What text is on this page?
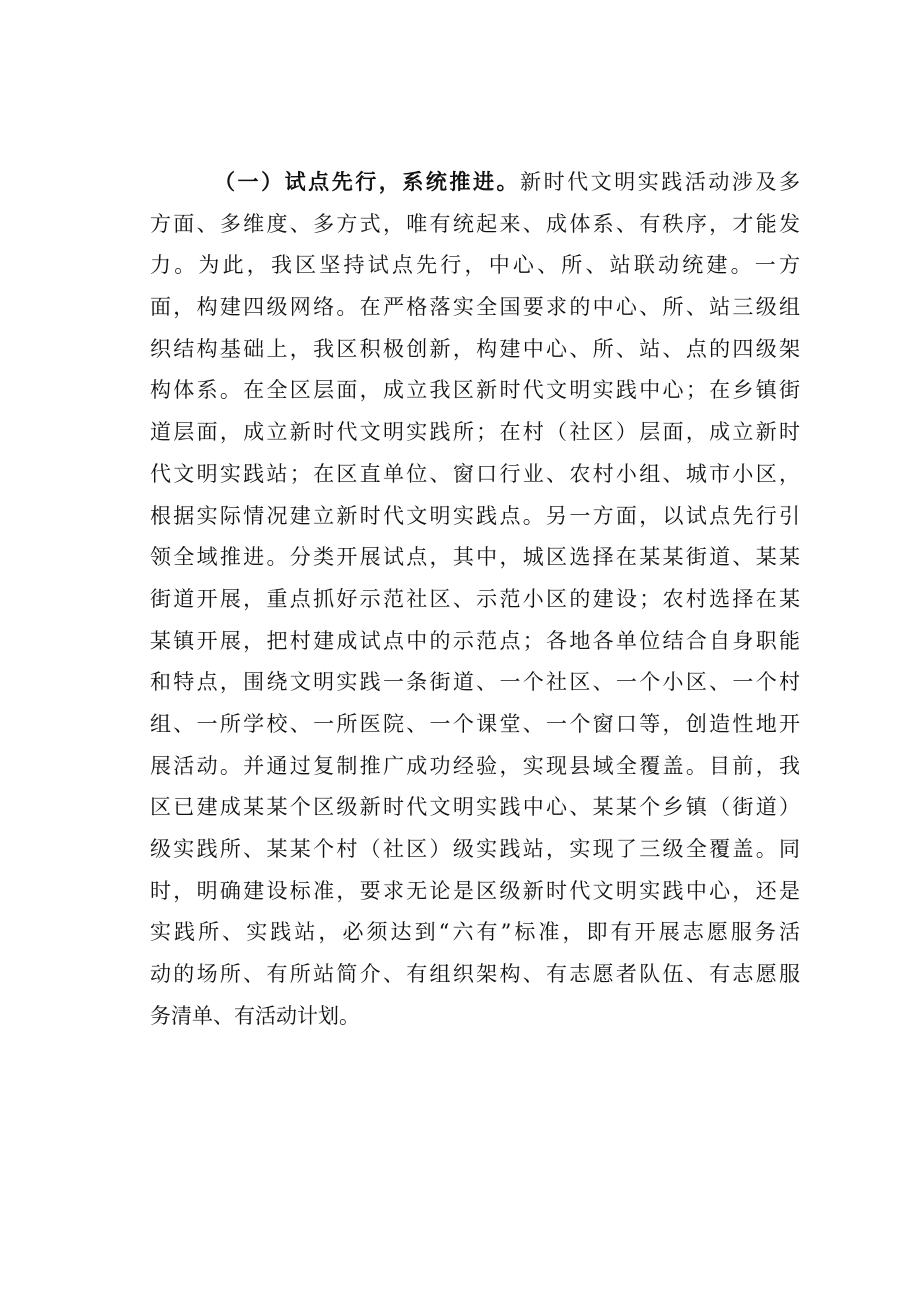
（一）试点先行，系统推进。新时代文明实践活动涉及多
方面、多维度、多方式，唯有统起来、成体系、有秩序，才能发
力。为此，我区坚持试点先行，中心、所、站联动统建。一方
面，构建四级网络。在严格落实全国要求的中心、所、站三级组
织结构基础上，我区积极创新，构建中心、所、站、点的四级架
构体系。在全区层面，成立我区新时代文明实践中心；在乡镇街
道层面，成立新时代文明实践所；在村（社区）层面，成立新时
代文明实践站；在区直单位、窗口行业、农村小组、城市小区，
根据实际情况建立新时代文明实践点。另一方面，以试点先行引
领全域推进。分类开展试点，其中，城区选择在某某街道、某某
街道开展，重点抓好示范社区、示范小区的建设；农村选择在某
某镇开展，把村建成试点中的示范点；各地各单位结合自身职能
和特点，围绕文明实践一条街道、一个社区、一个小区、一个村
组、一所学校、一所医院、一个课堂、一个窗口等，创造性地开
展活动。并通过复制推广成功经验，实现县域全覆盖。目前，我
区已建成某某个区级新时代文明实践中心、某某个乡镇（街道）
级实践所、某某个村（社区）级实践站，实现了三级全覆盖。同
时，明确建设标准，要求无论是区级新时代文明实践中心，还是
实践所、实践站，必须达到“六有”标准，即有开展志愿服务活
动的场所、有所站简介、有组织架构、有志愿者队伍、有志愿服
务清单、有活动计划。
